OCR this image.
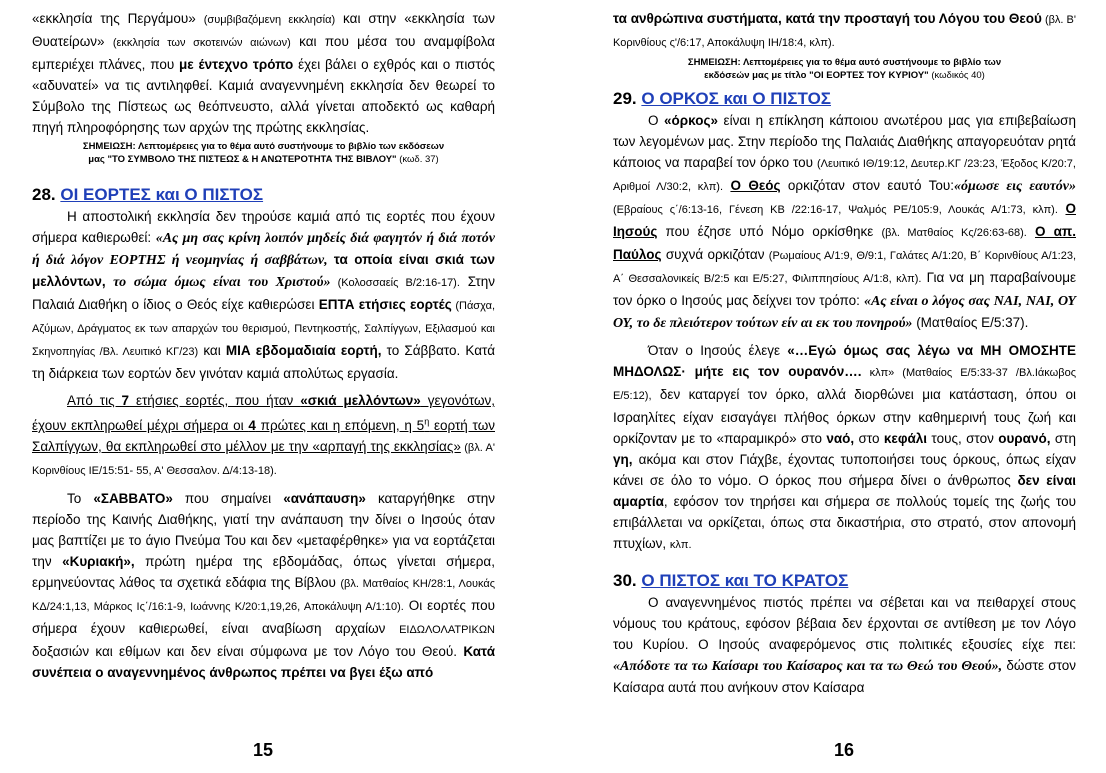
«εκκλησία της Περγάμου» (συμβιβαζόμενη εκκλησία) και στην «εκκλησία των Θυατείρων» (εκκλησία των σκοτεινών αιώνων) και που μέσα του αναμφίβολα εμπεριέχει πλάνες, που με έντεχνο τρόπο έχει βάλει ο εχθρός και ο πιστός «αδυνατεί» να τις αντιληφθεί. Καμιά αναγεννημένη εκκλησία δεν θεωρεί το Σύμβολο της Πίστεως ως θεόπνευστο, αλλά γίνεται αποδεκτό ως καθαρή πηγή πληροφόρησης των αρχών της πρώτης εκκλησίας.

ΣΗΜΕΙΩΣΗ: Λεπτομέρειες για το θέμα αυτό συστήνουμε το βιβλίο των εκδόσεων
μας "ΤΟ ΣΥΜΒΟΛΟ ΤΗΣ ΠΙΣΤΕΩΣ & Η ΑΝΩΤΕΡΟΤΗΤΑ ΤΗΣ ΒΙΒΛΟΥ" (κωδ. 37)
28. ΟΙ ΕΟΡΤΕΣ και Ο ΠΙΣΤΟΣ

Η αποστολική εκκλησία δεν τηρούσε καμιά από τις εορτές που έχουν σήμερα καθιερωθεί: «Ας μη σας κρίνη λοιπόν μηδείς διά φαγητόν ή διά ποτόν ή διά λόγον ΕΟΡΤΗΣ ή νεομηνίας ή σαββάτων, τα οποία είναι σκιά των μελλόντων, το σώμα όμως είναι του Χριστού» (Κολοσσαείς Β/2:16-17). Στην Παλαιά Διαθήκη ο ίδιος ο Θεός είχε καθιερώσει ΕΠΤΑ ετήσιες εορτές (Πάσχα, Αζύμων, Δράγματος εκ των απαρχών του θερισμού, Πεντηκοστής, Σαλπίγγων, Εξιλασμού και Σκηνοπηγίας /Βλ. Λευιτικό ΚΓ/23) και ΜΙΑ εβδομαδιαία εορτή, το Σάββατο. Κατά τη διάρκεια των εορτών δεν γινόταν καμιά απολύτως εργασία.

Από τις 7 ετήσιες εορτές, που ήταν «σκιά μελλόντων» γεγονότων, έχουν εκπληρωθεί μέχρι σήμερα οι 4 πρώτες και η επόμενη, η $5^\eta$ εορτή των Σαλπίγγων, θα εκπληρωθεί στο μέλλον με την «αρπαγή της εκκλησίας» (βλ. Α' Κορινθίους ΙΕ/15:51- 55, Α' Θεσσαλον. Δ/4:13-18).

Το «ΣΑΒΒΑΤΟ» που σημαίνει «ανάπαυση» καταργήθηκε στην περίοδο της Καινής Διαθήκης, γιατί την ανάπαυση την δίνει ο Ιησούς όταν μας βαπτίζει με το άγιο Πνεύμα Του και δεν «μεταφέρθηκε» για να εορτάζεται την «Κυριακή», πρώτη ημέρα της εβδομάδας, όπως γίνεται σήμερα, ερμηνεύοντας λάθος τα σχετικά εδάφια της Βίβλου (βλ. Ματθαίος ΚΗ/28:1, Λουκάς ΚΔ/24:1,13, Μάρκος Ις΄/16:1-9, Ιωάννης Κ/20:1,19,26, Αποκάλυψη Α/1:10). Οι εορτές που σήμερα έχουν καθιερωθεί, είναι αναβίωση αρχαίων ΕΙΔΩΛΟΛΑΤΡΙΚΩΝ δοξασιών και εθίμων και δεν είναι σύμφωνα με τον Λόγο του Θεού. Κατά συνέπεια ο αναγεννημένος άνθρωπος πρέπει να βγει έξω από

15

τα ανθρώπινα συστήματα, κατά την προσταγή του Λόγου του Θεού (βλ. Β' Κορινθίους ς'/6:17, Αποκάλυψη ΙΗ/18:4, κλπ).

ΣΗΜΕΙΩΣΗ: Λεπτομέρειες για το θέμα αυτό συστήνουμε το βιβλίο των
εκδόσεών μας με τίτλο "ΟΙ ΕΟΡΤΕΣ ΤΟΥ ΚΥΡΙΟΥ" (κωδικός 40)
29. Ο ΟΡΚΟΣ και Ο ΠΙΣΤΟΣ

Ο «όρκος» είναι η επίκληση κάποιου ανωτέρου μας για επιβεβαίωση των λεγομένων μας. Στην περίοδο της Παλαιάς Διαθήκης απαγορευόταν ρητά κάποιος να παραβεί τον όρκο του (Λευιτικό ΙΘ/19:12, Δευτερ.ΚΓ /23:23, Έξοδος Κ/20:7, Αριθμοί Λ/30:2, κλπ). Ο Θεός ορκιζόταν στον εαυτό Του:«όμωσε εις εαυτόν» (Εβραίους ς΄/6:13-16, Γένεση ΚΒ /22:16-17, Ψαλμός ΡΕ/105:9, Λουκάς Α/1:73, κλπ). Ο Ιησούς που έζησε υπό Νόμο ορκίσθηκε (βλ. Ματθαίος Κς/26:63-68). Ο απ. Παύλος συχνά ορκιζόταν (Ρωμαίους Α/1:9, Θ/9:1, Γαλάτες Α/1:20, Β΄ Κορινθίους Α/1:23, Α΄ Θεσσαλονικείς Β/2:5 και Ε/5:27, Φιλιππησίους Α/1:8, κλπ). Για να μη παραβαίνουμε τον όρκο ο Ιησούς μας δείχνει τον τρόπο: «Ας είναι ο λόγος σας ΝΑΙ, ΝΑΙ, ΟΥ ΟΥ, το δε πλειότερον τούτων είν αι εκ του πονηρού» (Ματθαίος Ε/5:37).

Όταν ο Ιησούς έλεγε «…Εγώ όμως σας λέγω να ΜΗ ΟΜΟΣΗΤΕ ΜΗΔΟΛΩΣ· μήτε εις τον ουρανόν…. κλπ» (Ματθαίος Ε/5:33-37 /Βλ.Ιάκωβος Ε/5:12), δεν καταργεί τον όρκο, αλλά διορθώνει μια κατάσταση, όπου οι Ισραηλίτες είχαν εισαγάγει πλήθος όρκων στην καθημερινή τους ζωή και ορκίζονταν με το «παραμικρό» στο ναό, στο κεφάλι τους, στον ουρανό, στη γη, ακόμα και στον Γιάχβε, έχοντας τυποποιήσει τους όρκους, όπως είχαν κάνει σε όλο το νόμο. Ο όρκος που σήμερα δίνει ο άνθρωπος δεν είναι αμαρτία, εφόσον τον τηρήσει και σήμερα σε πολλούς τομείς της ζωής του επιβάλλεται να ορκίζεται, όπως στα δικαστήρια, στο στρατό, στον απονομή πτυχίων, κλπ.

30. Ο ΠΙΣΤΟΣ και ΤΟ ΚΡΑΤΟΣ

Ο αναγεννημένος πιστός πρέπει να σέβεται και να πειθαρχεί στους νόμους του κράτους, εφόσον βέβαια δεν έρχονται σε αντίθεση με τον Λόγο του Κυρίου. Ο Ιησούς αναφερόμενος στις πολιτικές εξουσίες είχε πει: «Απόδοτε τα τω Καίσαρι του Καίσαρος και τα τω Θεώ του Θεού», δώστε στον Καίσαρα αυτά που ανήκουν στον Καίσαρα

16
